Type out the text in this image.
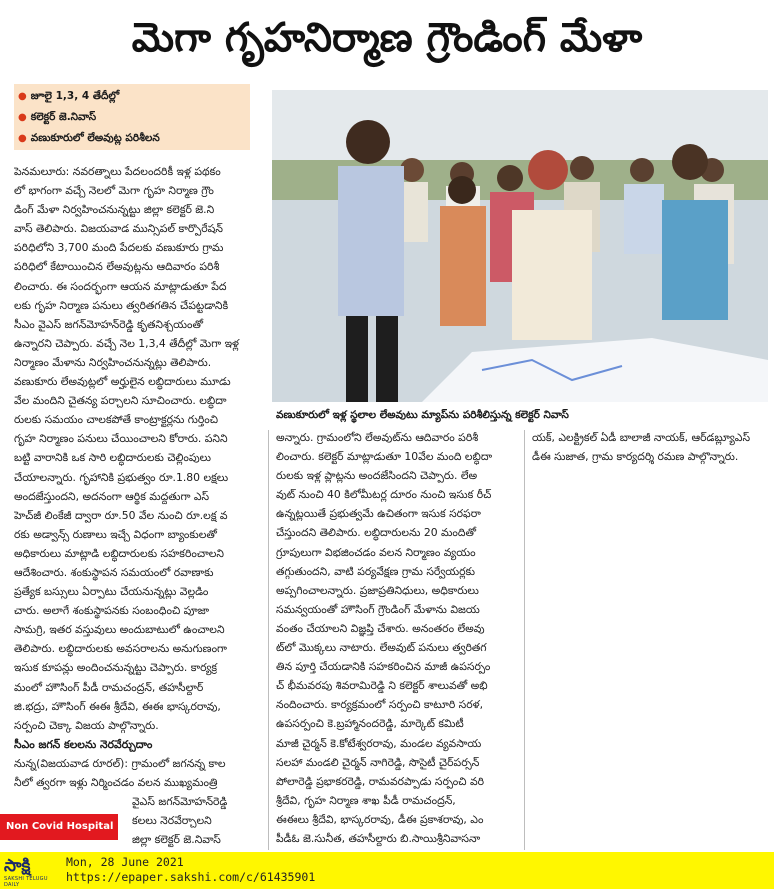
మెగా గృహనిర్మాణ గ్రౌండింగ్ మేళా
● జూలై 1,3, 4 తేదీల్లో
● కలెక్టర్ జె.నివాస్
● వణుకూరులో లేఅవుట్ల పరిశీలన
వణుకూరులో ఇళ్ల స్థలాల లేఅవుటు మ్యాప్‌ను పరిశీలిస్తున్న కలెక్టర్ నివాస్
పెనమలూరు: నవరత్నాలు పేదలందరికీ ఇళ్ల పథకం
లో భాగంగా వచ్చే నెలలో మెగా గృహ నిర్మాణ గ్రౌం
డింగ్ మేళా నిర్వహించనున్నట్టు జిల్లా కలెక్టర్ జె.ని
వాస్ తెలిపారు. విజయవాడ మున్సిపల్ కార్పొరేషన్
పరిధిలోని 3,700 మంది పేదలకు వణుకూరు గ్రామ
పరిధిలో కేటాయించిన లేఅవుట్లను ఆదివారం పరిశీ
లించారు. ఈ సందర్భంగా ఆయన మాట్లాడుతూ పేద
లకు గృహ నిర్మాణ పనులు త్వరితగతిన చేపట్టడానికి
సీఎం వైఎస్ జగన్‌మోహన్‌రెడ్డి కృతనిశ్చయంతో
ఉన్నారని చెప్పారు. వచ్చే నెల 1,3,4 తేదీల్లో మెగా ఇళ్ల
నిర్మాణం మేళాను నిర్వహించనున్నట్లు తెలిపారు.
వణుకూరు లేఅవుట్లలో అర్హులైన లబ్ధిదారులు మూడు
వేల మందిని చైతన్య పర్చాలని సూచించారు. లబ్ధిదా
రులకు సమయం చాలకపోతే కాంట్రాక్టర్లను గుర్తించి
గృహ నిర్మాణం పనులు చేయించాలని కోరారు. పనిని
బట్టి వారానికి ఒక సారి లబ్ధిదారులకు చెల్లింపులు
చేయాలన్నారు. గృహానికి ప్రభుత్వం రూ.1.80 లక్షలు
అందజేస్తుందని, అదనంగా ఆర్థిక మద్దతుగా ఎస్
హెచ్‌జీ లింకేజీ ద్వారా రూ.50 వేల నుంచి రూ.లక్ష వ
రకు అడ్వాన్స్ రుణాలు ఇచ్చే విధంగా బ్యాంకులతో
అధికారులు మాట్లాడి లబ్ధిదారులకు సహకరించాలని
ఆదేశించారు. శంకుస్థాపన సమయంలో రవాణాకు
ప్రత్యేక బస్సులు ఏర్పాటు చేయనున్నట్లు వెల్లడిం
చారు. అలాగే శంకుస్థాపనకు సంబంధించి పూజా
సామగ్రి, ఇతర వస్తువులు అందుబాటులో ఉంచాలని
తెలిపారు. లబ్ధిదారులకు అవసరాలను అనుగుణంగా
ఇసుక కూపన్లు అందించనున్నట్టు చెప్పారు. కార్యక్ర
మంలో హౌసింగ్ పీడీ రామచంద్రన్, తహసీల్దార్
జి.భద్రు, హౌసింగ్ ఈఈ శ్రీదేవి, ఈఈ భాస్కరరావు,
సర్పంచి చెక్కా విజయ పాల్గొన్నారు.
సీఎం జగన్ కలలను నెరవేర్చుదాం
నున్న(విజయవాడ రూరల్): గ్రామంలో జగనన్న కాల
నీలో త్వరగా ఇళ్లు నిర్మించడం వలన ముఖ్యమంత్రి
వైఎస్ జగన్‌మోహన్‌రెడ్డి
కలలు నెరవేర్చాలని
జిల్లా కలెక్టర్ జె.నివాస్
Non Covid Hospital
అన్నారు. గ్రామంలోని లేఅవుట్‌ను ఆదివారం పరిశీ
లించారు. కలెక్టర్ మాట్లాడుతూ 10వేల మంది లబ్ధిదా
రులకు ఇళ్ల ప్లాట్లను అందజేసిందని చెప్పారు. లేఅ
వుట్ నుంచి 40 కిలోమీటర్ల దూరం నుంచి ఇసుక రీచ్
ఉన్నట్లయితే ప్రభుత్వమే ఉచితంగా ఇసుక సరఫరా
చేస్తుందని తెలిపారు. లబ్ధిదారులను 20 మందితో
గ్రూపులుగా విభజించడం వలన నిర్మాణం వ్యయం
తగ్గుతుందని, వాటి పర్యవేక్షణ గ్రామ సర్వేయర్లకు
అప్పగించాలన్నారు. ప్రజాప్రతినిధులు, అధికారులు
సమన్వయంతో హౌసింగ్ గ్రౌండింగ్ మేళాను విజయ
వంతం చేయాలని విజ్ఞప్తి చేశారు. అనంతరం లేఅవు
ట్‌లో మొక్కలు నాటారు. లేఅవుట్ పనులు త్వరితగ
తిన పూర్తి చేయడానికి సహకరించిన మాజీ ఉపసర్పం
చ్ భీమవరపు శివరామిరెడ్డి ని కలెక్టర్ శాలువతో అభి
నందించారు. కార్యక్రమంలో సర్పంచి కాటూరి సరళ,
ఉపసర్పంచి కె.బ్రహ్మానందరెడ్డి, మార్కెట్ కమిటీ
మాజీ చైర్మన్ కె.కోటేశ్వరరావు, మండల వ్యవసాయ
సలహా మండలి చైర్మన్ నాగిరెడ్డి, సొసైటీ చైర్‌పర్సన్
పోలారెడ్డి ప్రభాకరరెడ్డి, రామవరప్పాడు సర్పంచి వరి
శ్రీదేవి, గృహ నిర్మాణ శాఖ పీడీ రామచంద్రన్,
ఈఈలు శ్రీదేవి, భాస్కరరావు, డీఈ ప్రకాశరావు, ఎం
పీడీఓ జె.సునీత, తహసీల్దారు బి.సాయిశ్రీనివాసనా
యక్, ఎలక్ట్రికల్ ఏడీ బాలాజీ నాయక్, ఆర్‌డబ్ల్యూఎస్
డీఈ సుజాత, గ్రామ కార్యదర్శి రమణ పాల్గొన్నారు.
సాక్షి
SAKSHI TELUGU DAILY
Mon, 28 June 2021
https://epaper.sakshi.com/c/61435901
